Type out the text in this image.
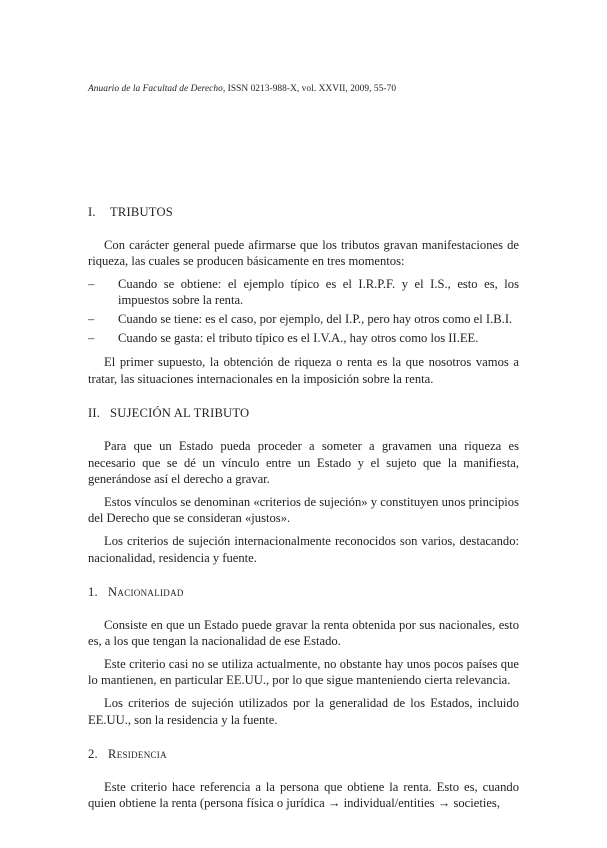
Anuario de la Facultad de Derecho, ISSN 0213-988-X, vol. XXVII, 2009, 55-70
I. TRIBUTOS

Con carácter general puede afirmarse que los tributos gravan manifestaciones de riqueza, las cuales se producen básicamente en tres momentos:

–	Cuando se obtiene: el ejemplo típico es el I.R.P.F. y el I.S., esto es, los impuestos sobre la renta.
–	Cuando se tiene: es el caso, por ejemplo, del I.P., pero hay otros como el I.B.I.
–	Cuando se gasta: el tributo típico es el I.V.A., hay otros como los II.EE.

El primer supuesto, la obtención de riqueza o renta es la que nosotros vamos a tratar, las situaciones internacionales en la imposición sobre la renta.

II. SUJECIÓN AL TRIBUTO

Para que un Estado pueda proceder a someter a gravamen una riqueza es necesario que se dé un vínculo entre un Estado y el sujeto que la manifiesta, generándose así el derecho a gravar.

Estos vínculos se denominan «criterios de sujeción» y constituyen unos principios del Derecho que se consideran «justos».

Los criterios de sujeción internacionalmente reconocidos son varios, destacando: nacionalidad, residencia y fuente.

1. Nacionalidad

Consiste en que un Estado puede gravar la renta obtenida por sus nacionales, esto es, a los que tengan la nacionalidad de ese Estado.

Este criterio casi no se utiliza actualmente, no obstante hay unos pocos países que lo mantienen, en particular EE.UU., por lo que sigue manteniendo cierta relevancia.

Los criterios de sujeción utilizados por la generalidad de los Estados, incluido EE.UU., son la residencia y la fuente.

2. Residencia

Este criterio hace referencia a la persona que obtiene la renta. Esto es, cuando quien obtiene la renta (persona física o jurídica → individual/entities → societies,
